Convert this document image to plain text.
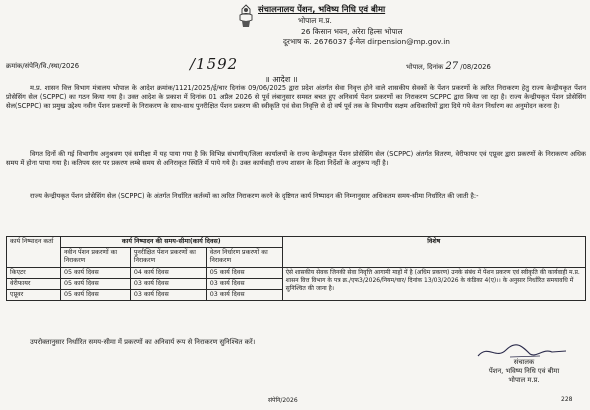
संचालनालय पेंशन, भविष्य निधि एवं बीमा
भोपाल म.प्र.
26 किसान भवन, अरेरा हिल्स भोपाल
दूरभाष क. 2676037 ई-मेल dirpension@mp.gov.in
क्रमांक/संपेनि/वि./स्था/2026	/1592	भोपाल, दिनांक 27 /08/2026
॥ आदेश ॥
म.प्र. शासन वित्त विभाग मंत्रालय भोपाल के आदेश क्रमांक/1121/2025/ई/चार दिनांक 09/06/2025 द्वारा प्रदेश अंतर्गत सेवा निवृत्त होने वाले शासकीय सेवकों के पेंशन प्रकरणों के त्वरित निराकरण हेतु राज्य केन्द्रीयकृत पेंशन प्रोसेसिंग सेल (SCPPC) का गठन किया गया है। उक्त आदेश के प्रकाश में दिनांक 01 अप्रैल 2026 से पूर्व लंबानुसार समस्त बचत हुए अनिवार्य पेंशन प्रकरणों का निराकरण SCPPC द्वारा किया जा रहा है। राज्य केन्द्रीयकृत पेंशन प्रोसेसिंग सेल(SCPPC) का प्रमुख उद्देश्य नवीन पेंशन प्रकरणों के निराकरण के साथ-साथ पुनरीक्षित पेंशन प्रकरण की स्वीकृति एवं सेवा निवृत्ति से दो वर्ष पूर्व तक के विभागीय सक्षम अधिकारियों द्वारा दिये गये वेतन निर्धारण का अनुमोदन करना है।
विगत दिनों की गई विभागीय अनुश्रवण एवं समीक्षा में यह पाया गया है कि विभिन्न संभागीय/जिला कार्यालयों के राज्य केन्द्रीयकृत पेंशन प्रोसेसिंग सेल (SCPPC) अंतर्गत वितरण, वेरीफायर एवं एप्रूवर द्वारा प्रकरणों के निराकरण अधिक समय में होना पाया गया है। कतिपय स्तर पर प्रकरण लम्बे समय से अनिराकृत स्थिति में पाये गये है। उक्त कार्यवाही राज्य शासन के दिशा निर्देशों के अनुरूप नहीं है।
राज्य केन्द्रीयकृत पेंशन प्रोसेसिंग सेल (SCPPC) के अंतर्गत निर्धारित कर्तव्यों का त्वरित निराकरण करने के दृष्टिगत कार्य निष्पादन की निम्नानुसार अधिकतम समय-सीमा निर्धारित की जाती है:-
कार्य निष्पादन कर्ता	कार्य निष्पादन की समय-सीमा(कार्य दिवस)			विशेष
	नवीन पेंशन प्रकरणों का निराकरण	पुनरीक्षित पेंशन प्रकरणों का निराकरण	वेतन निर्धारण प्रकरणों का निराकरण	
किएटर	05 कार्य दिवस	04 कार्य दिवस	05 कार्य दिवस	ऐसे शासकीय सेवक जिनकी सेवा निवृत्ति आगामी माहों में है (अधिम प्रकरण) उनके संबंध में पेंशन प्रकरण एवं स्वीकृति की कार्यवाही म.प्र. शासन वित्त विभाग के पत्र क्र./एफ3/2026/नियम/चार/ दिनांक 13/03/2026 के कंडिका 4(ए)।। के अनुसार निर्धारित समयावधि में सुनिश्चित की जाना है।
वेरीफायर	05 कार्य दिवस	03 कार्य दिवस	03 कार्य दिवस	
एप्रूवर	05 कार्य दिवस	03 कार्य दिवस	03 कार्य दिवस	
उपरोक्तानुसार निर्धारित समय-सीमा में प्रकरणों का अनिवार्य रूप से निराकरण सुनिश्चित करें।
संचालक
पेंशन, भविष्य निधि एवं बीमा
भोपाल म.प्र.
संपेनि/2026	228
